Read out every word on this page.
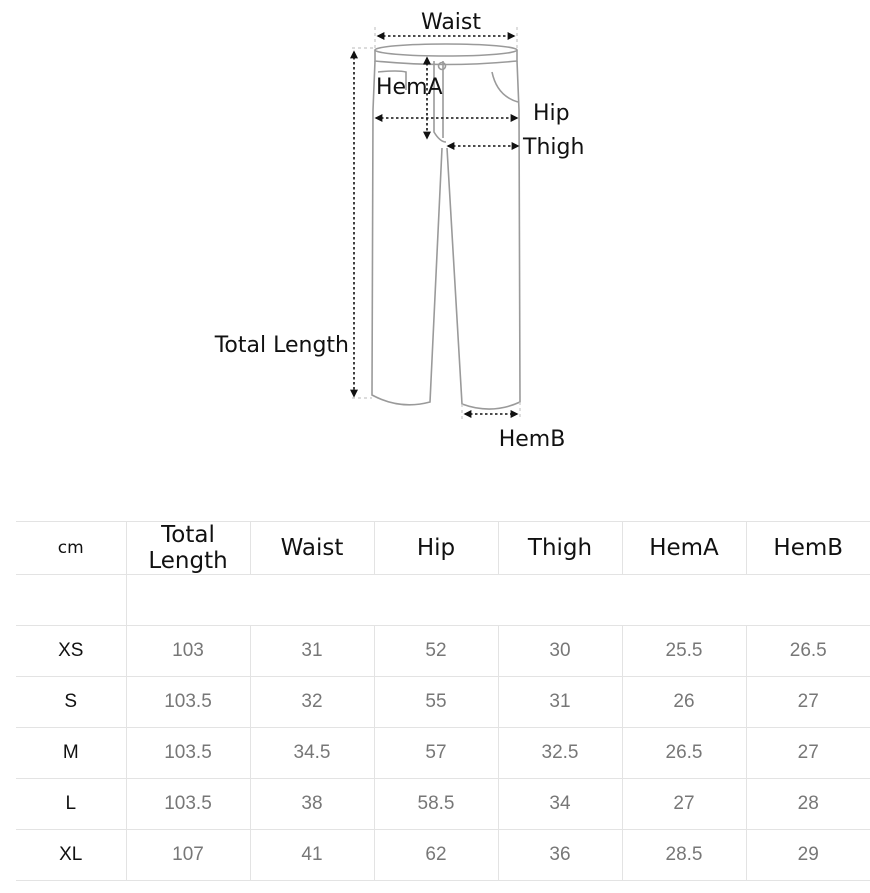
Waist
HemA
Hip
Thigh
Total Length
HemB
cm	Total Length	Waist	Hip	Thigh	HemA	HemB

XS	103	31	52	30	25.5	26.5
S	103.5	32	55	31	26	27
M	103.5	34.5	57	32.5	26.5	27
L	103.5	38	58.5	34	27	28
XL	107	41	62	36	28.5	29
